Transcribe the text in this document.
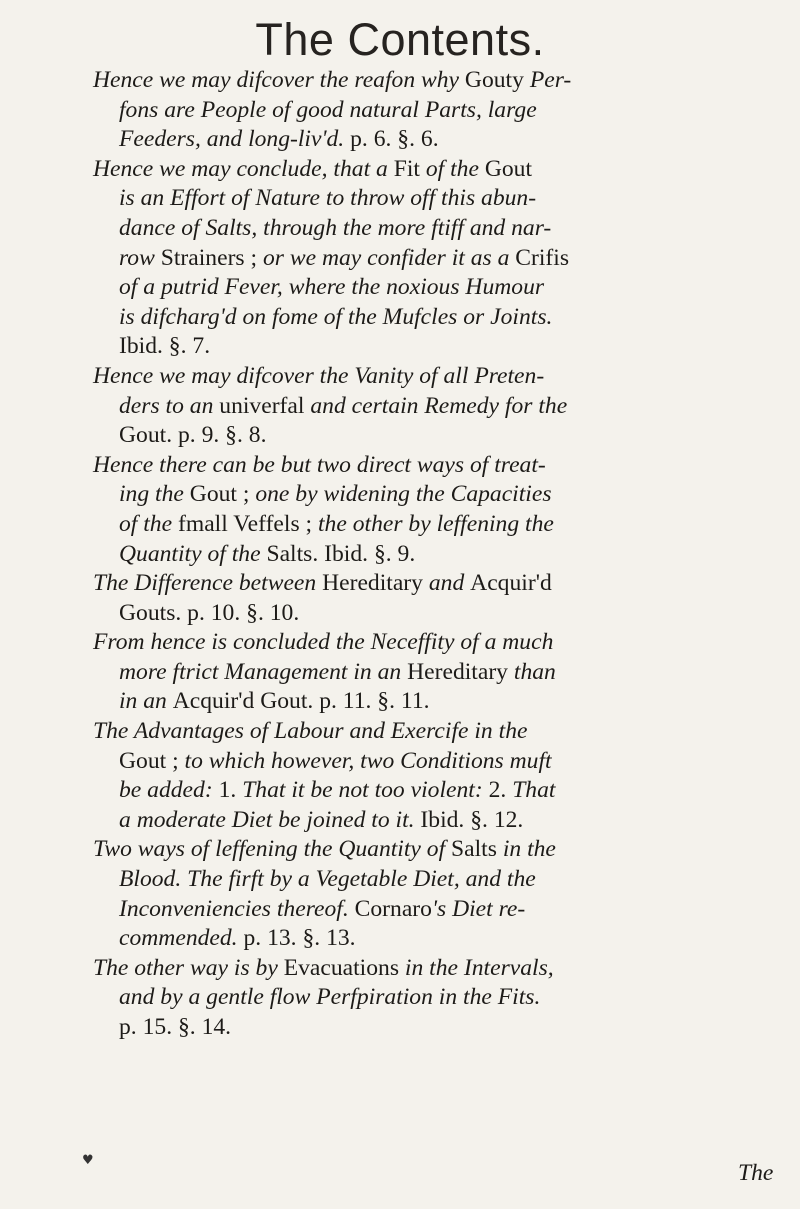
The Contents.
Hence we may difcover the reafon why Gouty Per-
fons are People of good natural Parts, large
Feeders, and long-liv'd. p. 6. §. 6.
Hence we may conclude, that a Fit of the Gout
is an Effort of Nature to throw off this abun-
dance of Salts, through the more ftiff and nar-
row Strainers ; or we may confider it as a Crifis
of a putrid Fever, where the noxious Humour
is difcharg'd on fome of the Mufcles or Joints.
Ibid. §. 7.
Hence we may difcover the Vanity of all Preten-
ders to an univerfal and certain Remedy for the
Gout. p. 9. §. 8.
Hence there can be but two direct ways of treat-
ing the Gout ; one by widening the Capacities
of the fmall Veffels ; the other by leffening the
Quantity of the Salts. Ibid. §. 9.
The Difference between Hereditary and Acquir'd
Gouts. p. 10. §. 10.
From hence is concluded the Neceffity of a much
more ftrict Management in an Hereditary than
in an Acquir'd Gout. p. 11. §. 11.
The Advantages of Labour and Exercife in the
Gout ; to which however, two Conditions muft
be added: 1. That it be not too violent: 2. That
a moderate Diet be joined to it. Ibid. §. 12.
Two ways of leffening the Quantity of Salts in the
Blood. The firft by a Vegetable Diet, and the
Inconveniencies thereof. Cornaro's Diet re-
commended. p. 13. §. 13.
The other way is by Evacuations in the Intervals,
and by a gentle flow Perfpiration in the Fits.
p. 15. §. 14.
♥	The
